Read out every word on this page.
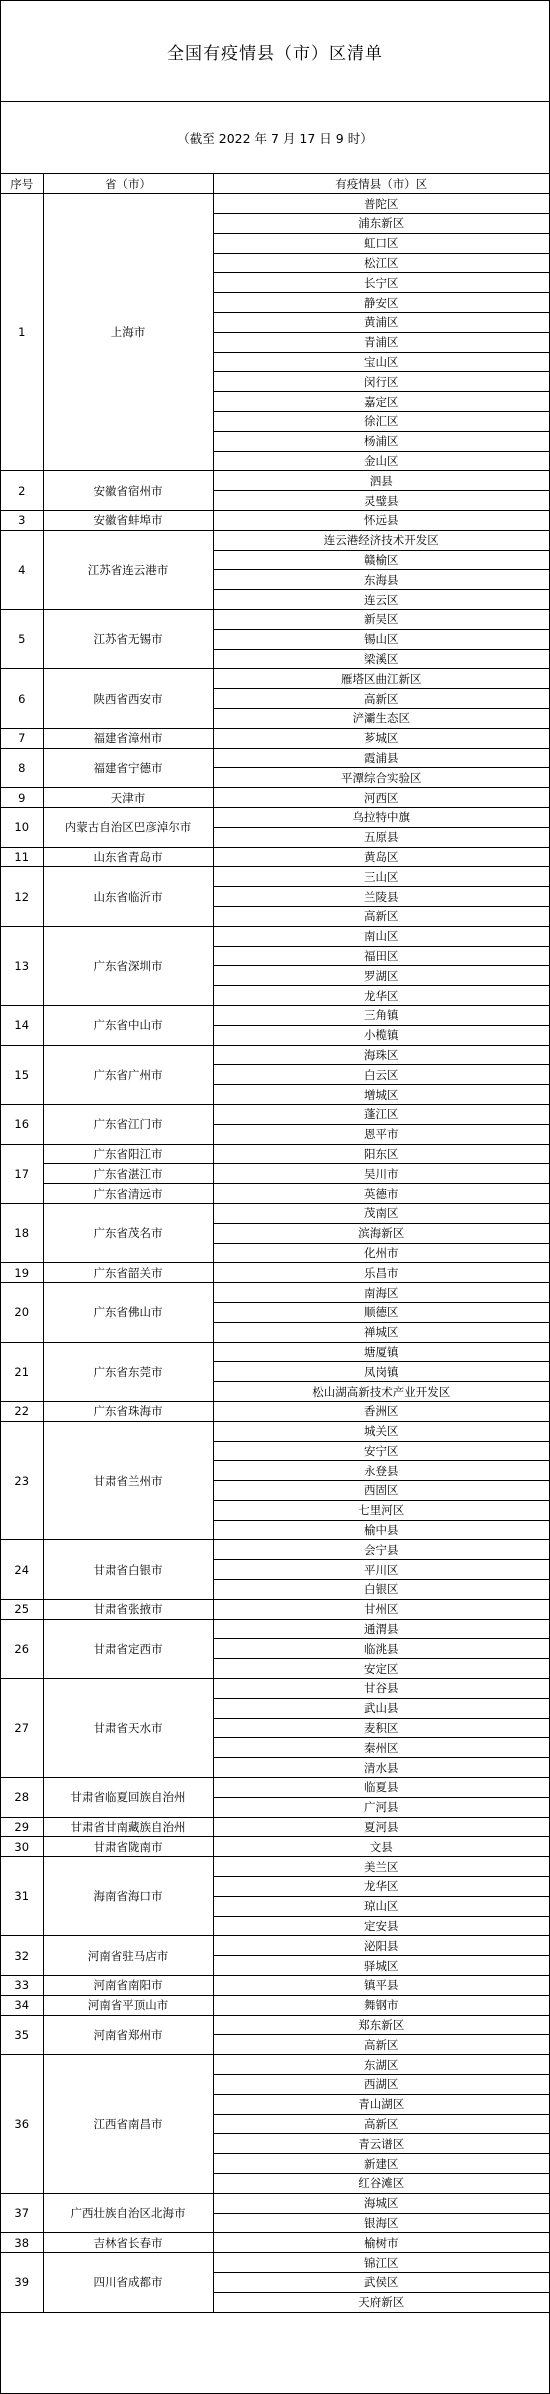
全国有疫情县（市）区清单
（截至 2022 年 7 月 17 日 9 时）
序号	省（市）	有疫情县（市）区
1	上海市	普陀区
		浦东新区
		虹口区
		松江区
		长宁区
		静安区
		黄浦区
		青浦区
		宝山区
		闵行区
		嘉定区
		徐汇区
		杨浦区
		金山区
2	安徽省宿州市	泗县
		灵璧县
3	安徽省蚌埠市	怀远县
4	江苏省连云港市	连云港经济技术开发区
		赣榆区
		东海县
		连云区
5	江苏省无锡市	新吴区
		锡山区
		梁溪区
6	陕西省西安市	雁塔区曲江新区
		高新区
		浐灞生态区
7	福建省漳州市	芗城区
8	福建省宁德市	霞浦县
		平潭综合实验区
9	天津市	河西区
10	内蒙古自治区巴彦淖尔市	乌拉特中旗
		五原县
11	山东省青岛市	黄岛区
12	山东省临沂市	三山区
		兰陵县
		高新区
13	广东省深圳市	南山区
		福田区
		罗湖区
		龙华区
14	广东省中山市	三角镇
		小榄镇
15	广东省广州市	海珠区
		白云区
		增城区
16	广东省江门市	蓬江区
		恩平市
17	广东省阳江市	阳东区
	广东省湛江市	吴川市
	广东省清远市	英德市
18	广东省茂名市	茂南区
		滨海新区
		化州市
19	广东省韶关市	乐昌市
20	广东省佛山市	南海区
		顺德区
		禅城区
21	广东省东莞市	塘厦镇
		凤岗镇
		松山湖高新技术产业开发区
22	广东省珠海市	香洲区
23	甘肃省兰州市	城关区
		安宁区
		永登县
		西固区
		七里河区
		榆中县
24	甘肃省白银市	会宁县
		平川区
		白银区
25	甘肃省张掖市	甘州区
26	甘肃省定西市	通渭县
		临洮县
		安定区
27	甘肃省天水市	甘谷县
		武山县
		麦积区
		秦州区
		清水县
28	甘肃省临夏回族自治州	临夏县
		广河县
29	甘肃省甘南藏族自治州	夏河县
30	甘肃省陇南市	文县
31	海南省海口市	美兰区
		龙华区
		琼山区
		定安县
32	河南省驻马店市	泌阳县
		驿城区
33	河南省南阳市	镇平县
34	河南省平顶山市	舞钢市
35	河南省郑州市	郑东新区
		高新区
36	江西省南昌市	东湖区
		西湖区
		青山湖区
		高新区
		青云谱区
		新建区
		红谷滩区
37	广西壮族自治区北海市	海城区
		银海区
38	吉林省长春市	榆树市
39	四川省成都市	锦江区
		武侯区
		天府新区
